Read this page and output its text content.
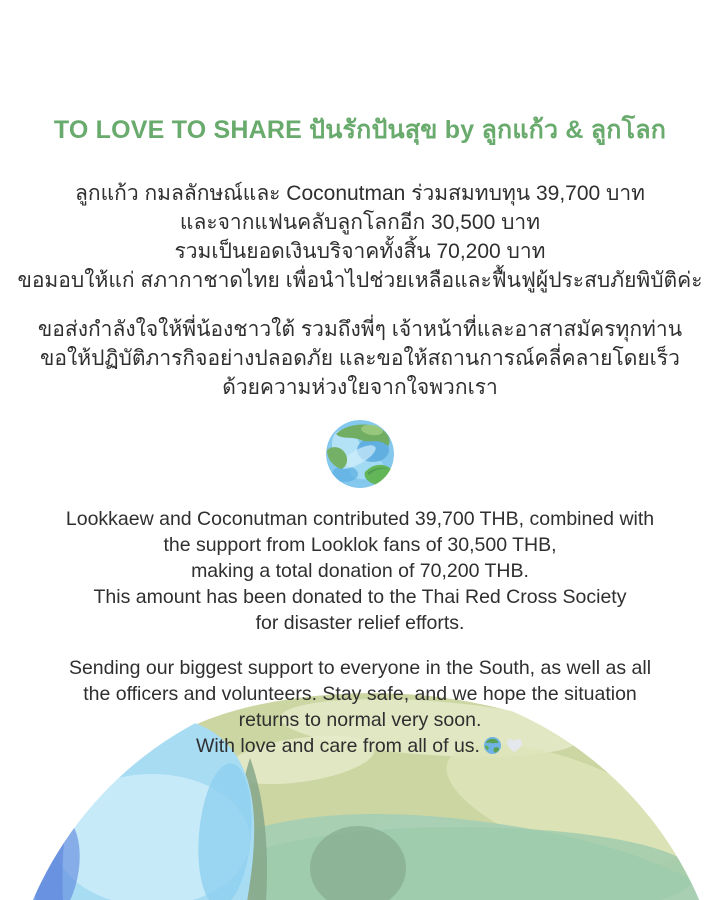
TO LOVE TO SHARE ปันรักปันสุข by ลูกแก้ว & ลูกโลก
ลูกแก้ว กมลลักษณ์และ Coconutman ร่วมสมทบทุน 39,700 บาท
และจากแฟนคลับลูกโลกอีก 30,500 บาท
รวมเป็นยอดเงินบริจาคทั้งสิ้น 70,200 บาท
ขอมอบให้แก่ สภากาชาดไทย เพื่อนำไปช่วยเหลือและฟื้นฟูผู้ประสบภัยพิบัติค่ะ
ขอส่งกำลังใจให้พี่น้องชาวใต้ รวมถึงพี่ๆ เจ้าหน้าที่และอาสาสมัครทุกท่าน
ขอให้ปฏิบัติภารกิจอย่างปลอดภัย และขอให้สถานการณ์คลี่คลายโดยเร็ว
ด้วยความห่วงใยจากใจพวกเรา
Lookkaew and Coconutman contributed 39,700 THB, combined with
the support from Looklok fans of 30,500 THB,
making a total donation of 70,200 THB.
This amount has been donated to the Thai Red Cross Society
for disaster relief efforts.
Sending our biggest support to everyone in the South, as well as all
the officers and volunteers. Stay safe, and we hope the situation
returns to normal very soon.
With love and care from all of us.
